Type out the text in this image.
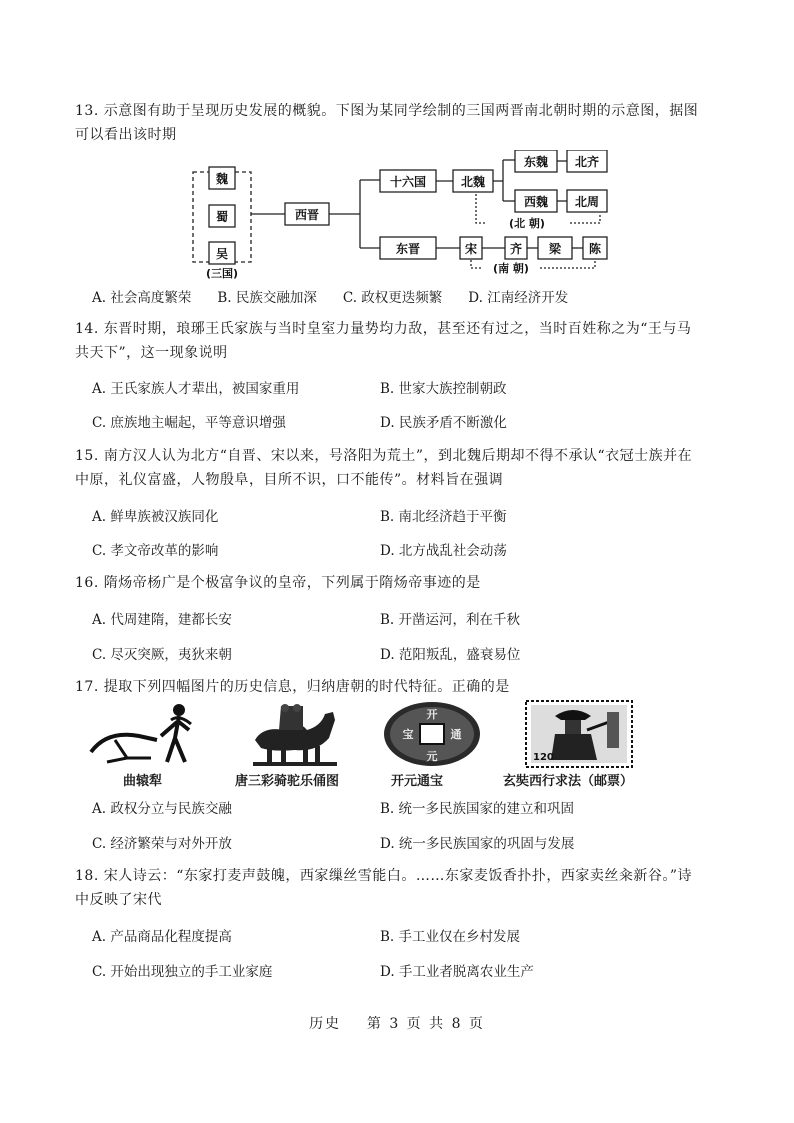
13. 示意图有助于呈现历史发展的概貌。下图为某同学绘制的三国两晋南北朝时期的示意图，据图
可以看出该时期
魏
蜀
吴
(三国)
西晋
十六国	北魏
东魏 北齐
西魏 北周
(北 朝)
东晋	宋	齐 梁 陈
(南 朝)
A. 社会高度繁荣 B. 民族交融加深 C. 政权更迭频繁 D. 江南经济开发
14. 东晋时期，琅琊王氏家族与当时皇室力量势均力敌，甚至还有过之，当时百姓称之为“王与马
共天下”，这一现象说明
A. 王氏家族人才辈出，被国家重用	B. 世家大族控制朝政
C. 庶族地主崛起，平等意识增强	D. 民族矛盾不断激化
15. 南方汉人认为北方“自晋、宋以来，号洛阳为荒土”，到北魏后期却不得不承认“衣冠士族并在
中原，礼仪富盛，人物殷阜，目所不识，口不能传”。材料旨在强调
A. 鲜卑族被汉族同化	B. 南北经济趋于平衡
C. 孝文帝改革的影响	D. 北方战乱社会动荡
16. 隋炀帝杨广是个极富争议的皇帝，下列属于隋炀帝事迹的是
A. 代周建隋，建都长安	B. 开凿运河，利在千秋
C. 尽灭突厥，夷狄来朝	D. 范阳叛乱，盛衰易位
17. 提取下列四幅图片的历史信息，归纳唐朝的时代特征。正确的是
开
元
通
宝
120
曲辕犁	唐三彩骑驼乐俑图	开元通宝	玄奘西行求法（邮票）
A. 政权分立与民族交融	B. 统一多民族国家的建立和巩固
C. 经济繁荣与对外开放	D. 统一多民族国家的巩固与发展
18. 宋人诗云：“东家打麦声鼓魄，西家缫丝雪能白。……东家麦饭香扑扑，西家卖丝籴新谷。”诗
中反映了宋代
A. 产品商品化程度提高	B. 手工业仅在乡村发展
C. 开始出现独立的手工业家庭	D. 手工业者脱离农业生产
历史    第 3 页 共 8 页
